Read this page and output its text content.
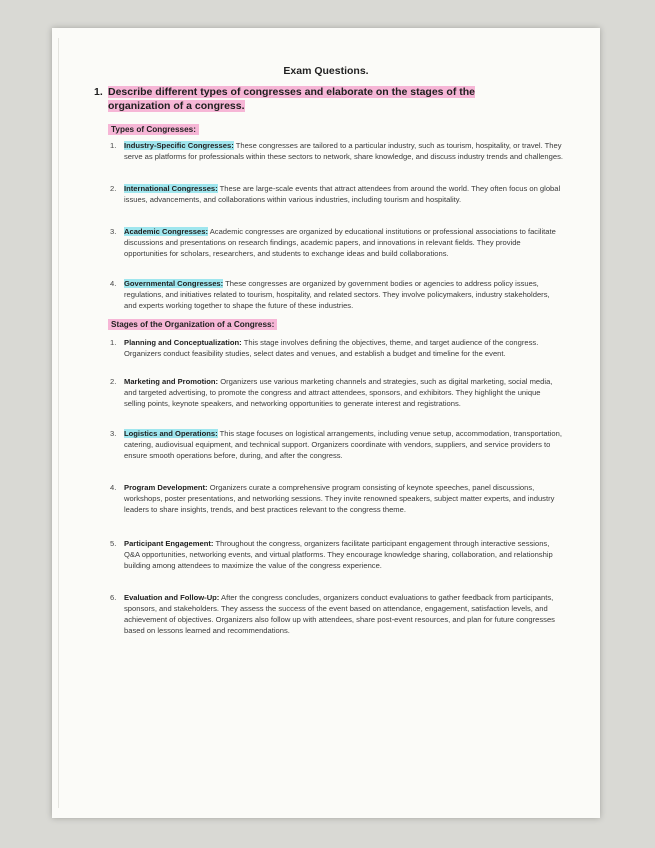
Exam Questions.
1. Describe different types of congresses and elaborate on the stages of the organization of a congress.
Types of Congresses:
1. Industry-Specific Congresses: These congresses are tailored to a particular industry, such as tourism, hospitality, or travel. They serve as platforms for professionals within these sectors to network, share knowledge, and discuss industry trends and challenges.
2. International Congresses: These are large-scale events that attract attendees from around the world. They often focus on global issues, advancements, and collaborations within various industries, including tourism and hospitality.
3. Academic Congresses: Academic congresses are organized by educational institutions or professional associations to facilitate discussions and presentations on research findings, academic papers, and innovations in relevant fields. They provide opportunities for scholars, researchers, and students to exchange ideas and build collaborations.
4. Governmental Congresses: These congresses are organized by government bodies or agencies to address policy issues, regulations, and initiatives related to tourism, hospitality, and related sectors. They involve policymakers, industry stakeholders, and experts working together to shape the future of these industries.
Stages of the Organization of a Congress:
1. Planning and Conceptualization: This stage involves defining the objectives, theme, and target audience of the congress. Organizers conduct feasibility studies, select dates and venues, and establish a budget and timeline for the event.
2. Marketing and Promotion: Organizers use various marketing channels and strategies, such as digital marketing, social media, and targeted advertising, to promote the congress and attract attendees, sponsors, and exhibitors. They highlight the unique selling points, keynote speakers, and networking opportunities to generate interest and registrations.
3. Logistics and Operations: This stage focuses on logistical arrangements, including venue setup, accommodation, transportation, catering, audiovisual equipment, and technical support. Organizers coordinate with vendors, suppliers, and service providers to ensure smooth operations before, during, and after the congress.
4. Program Development: Organizers curate a comprehensive program consisting of keynote speeches, panel discussions, workshops, poster presentations, and networking sessions. They invite renowned speakers, subject matter experts, and industry leaders to share insights, trends, and best practices relevant to the congress theme.
5. Participant Engagement: Throughout the congress, organizers facilitate participant engagement through interactive sessions, Q&A opportunities, networking events, and virtual platforms. They encourage knowledge sharing, collaboration, and relationship building among attendees to maximize the value of the congress experience.
6. Evaluation and Follow-Up: After the congress concludes, organizers conduct evaluations to gather feedback from participants, sponsors, and stakeholders. They assess the success of the event based on attendance, engagement, satisfaction levels, and achievement of objectives. Organizers also follow up with attendees, share post-event resources, and plan for future congresses based on lessons learned and recommendations.
